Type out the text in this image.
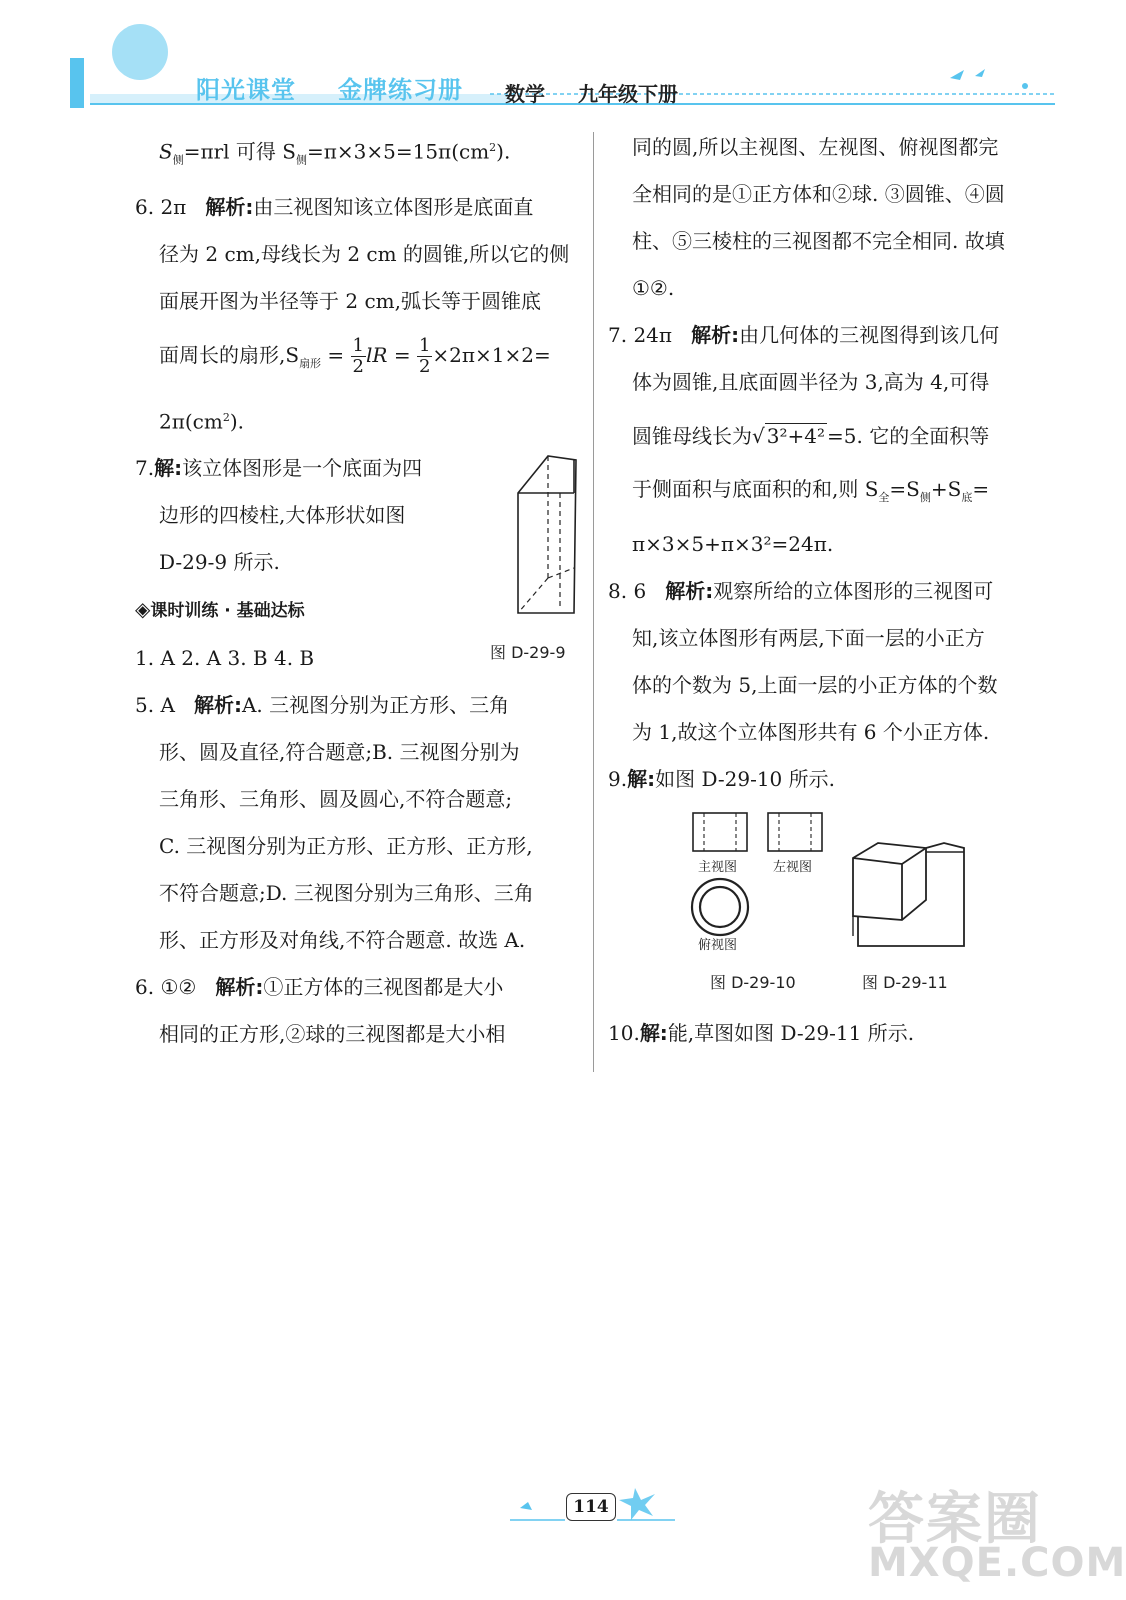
阳光课堂 金牌练习册 数学 九年级下册

$S_侧=\pi rl$ 可得 $S_侧=\pi\times 3\times 5=15\pi(cm^2)$.

6. 2π 解析:由三视图知该立体图形是底面直

径为 2 cm,母线长为 2 cm 的圆锥,所以它的侧

面展开图为半径等于 2 cm,弧长等于圆锥底

面周长的扇形$,S_{扇形} = \frac{1}{2}$ lR = $\frac{1}{2} \times 2\pi\times 1\times 2=$

$2\pi(cm^2)$.

7.解:该立体图形是一个底面为四

边形的四棱柱,大体形状如图

D-29-9 所示.

◈课时训练 · 基础达标

1. A 2. A 3. B 4. B

5. A 解析:A. 三视图分别为正方形、三角

形、圆及直径,符合题意;B. 三视图分别为

三角形、三角形、圆及圆心,不符合题意;

C. 三视图分别为正方形、正方形、正方形,

不符合题意;D. 三视图分别为三角形、三角

形、正方形及对角线,不符合题意. 故选 A.

6. ①② 解析:①正方体的三视图都是大小

相同的正方形,②球的三视图都是大小相

图 D-29-9

同的圆,所以主视图、左视图、俯视图都完

全相同的是①正方体和②球. ③圆锥、④圆

柱、⑤三棱柱的三视图都不完全相同. 故填

①②.

7. 24π 解析:由几何体的三视图得到该几何

体为圆锥,且底面圆半径为 3,高为 4,可得

圆锥母线长为√ 3²+4² =5. 它的全面积等

于侧面积与底面积的和,则 $S_全=S_侧+S_底=$

π×3×5+π×3²=24π.

8. 6 解析:观察所给的立体图形的三视图可

知,该立体图形有两层,下面一层的小正方

体的个数为 5,上面一层的小正方体的个数

为 1,故这个立体图形共有 6 个小正方体.

9.解:如图 D-29-10 所示.

主视图	左视图
俯视图
图 D-29-10	图 D-29-11

10.解:能,草图如图 D-29-11 所示.

114	答案圈
MXQE.COM
